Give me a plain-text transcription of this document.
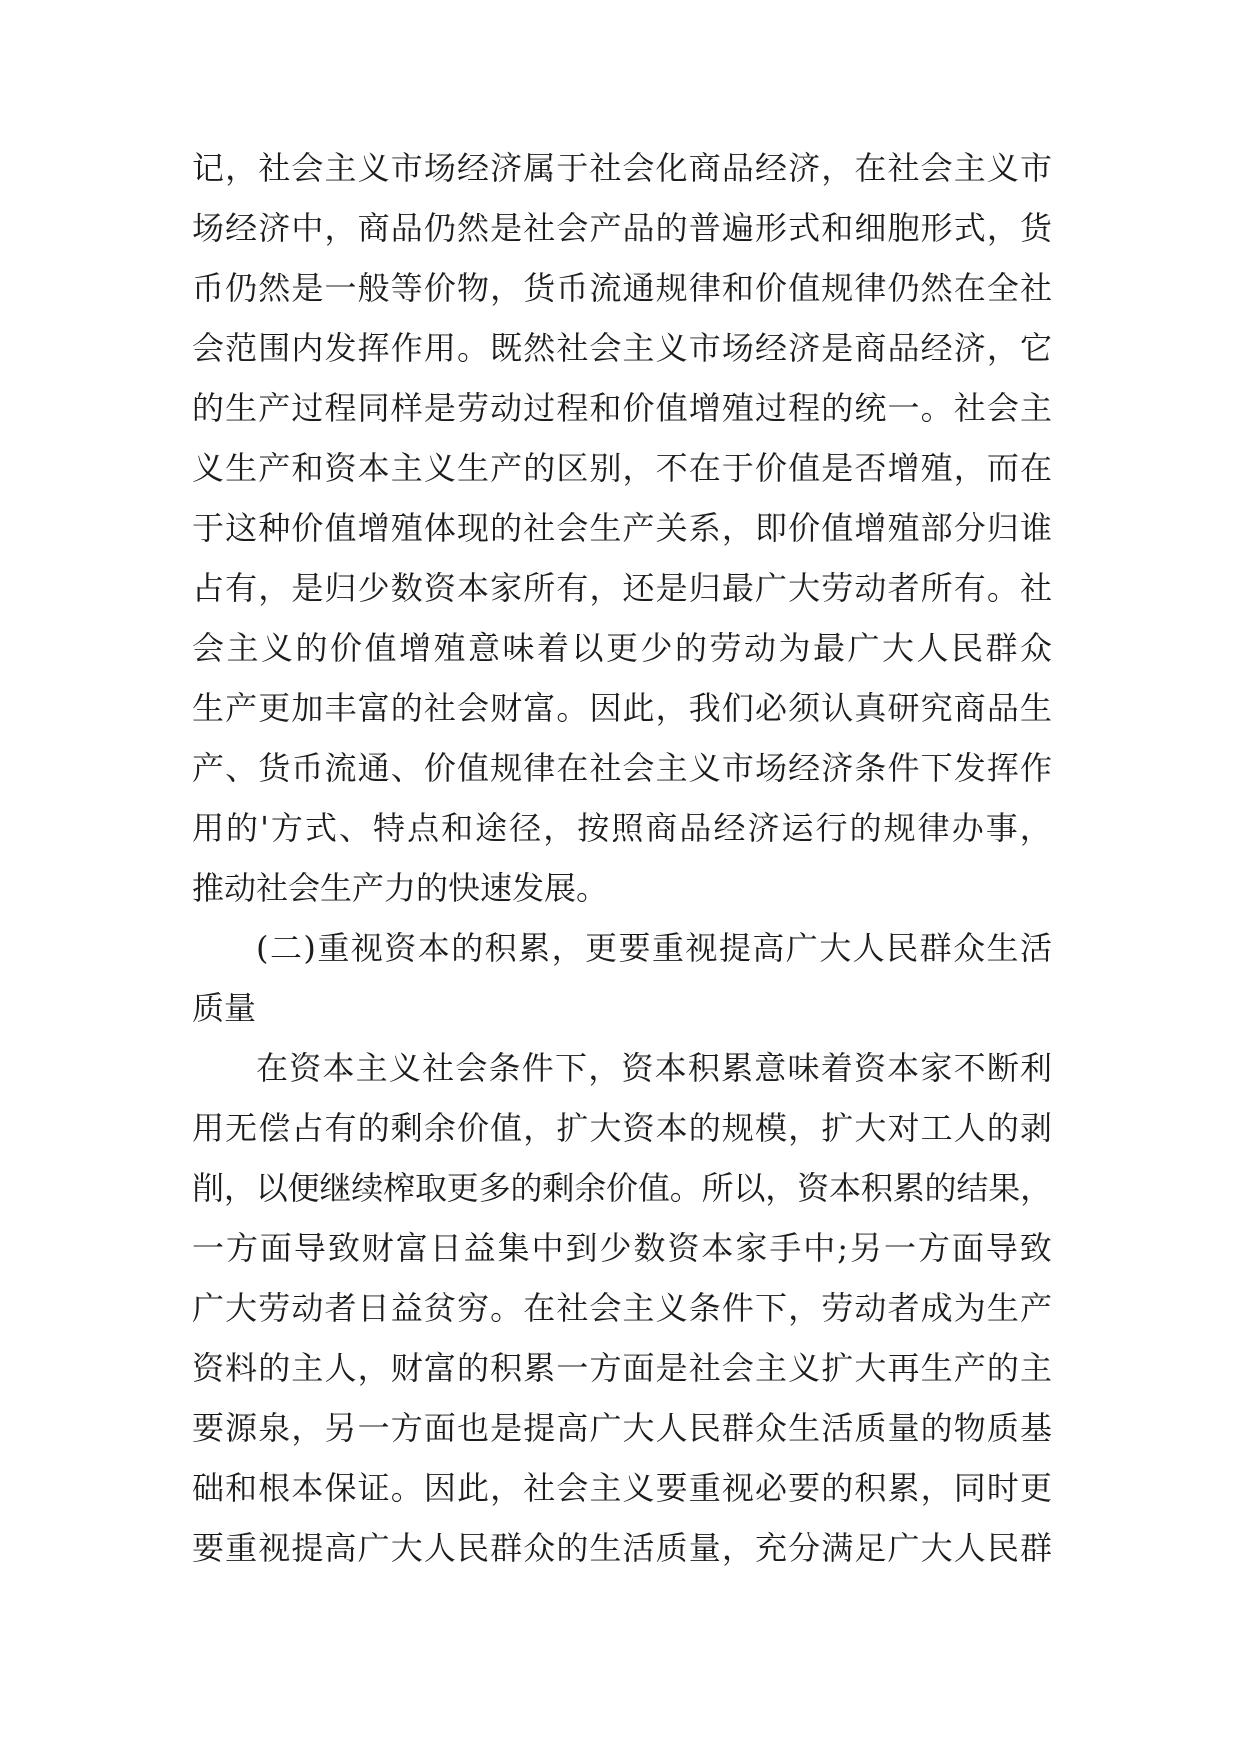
记，社会主义市场经济属于社会化商品经济，在社会主义市
场经济中，商品仍然是社会产品的普遍形式和细胞形式，货
币仍然是一般等价物，货币流通规律和价值规律仍然在全社
会范围内发挥作用。既然社会主义市场经济是商品经济，它
的生产过程同样是劳动过程和价值增殖过程的统一。社会主
义生产和资本主义生产的区别，不在于价值是否增殖，而在
于这种价值增殖体现的社会生产关系，即价值增殖部分归谁
占有，是归少数资本家所有，还是归最广大劳动者所有。社
会主义的价值增殖意味着以更少的劳动为最广大人民群众
生产更加丰富的社会财富。因此，我们必须认真研究商品生
产、货币流通、价值规律在社会主义市场经济条件下发挥作
用的'方式、特点和途径，按照商品经济运行的规律办事，
推动社会生产力的快速发展。
(二)重视资本的积累，更要重视提高广大人民群众生活
质量
在资本主义社会条件下，资本积累意味着资本家不断利
用无偿占有的剩余价值，扩大资本的规模，扩大对工人的剥
削，以便继续榨取更多的剩余价值。所以，资本积累的结果，
一方面导致财富日益集中到少数资本家手中;另一方面导致
广大劳动者日益贫穷。在社会主义条件下，劳动者成为生产
资料的主人，财富的积累一方面是社会主义扩大再生产的主
要源泉，另一方面也是提高广大人民群众生活质量的物质基
础和根本保证。因此，社会主义要重视必要的积累，同时更
要重视提高广大人民群众的生活质量，充分满足广大人民群
